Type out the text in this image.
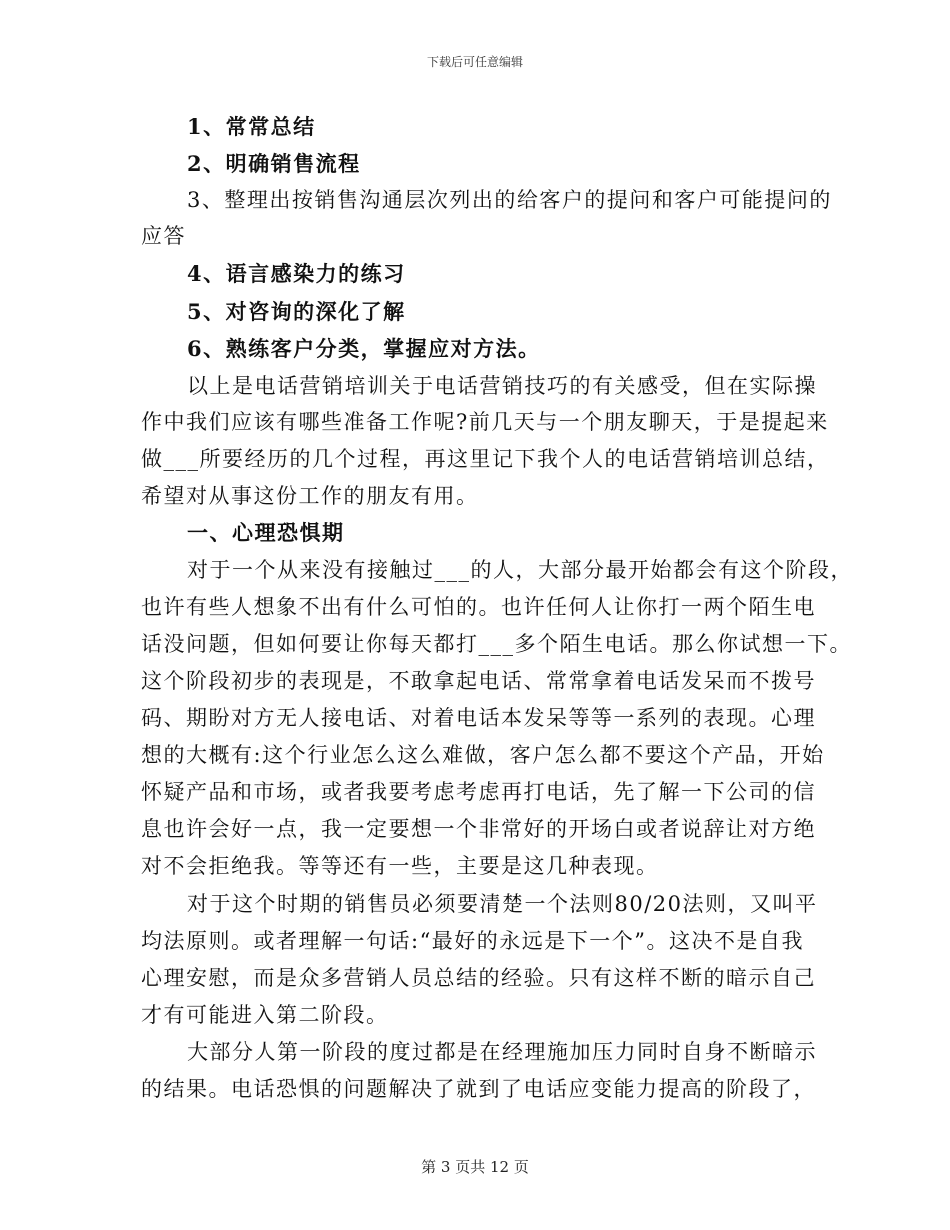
下载后可任意编辑
1、常常总结
2、明确销售流程
3、整理出按销售沟通层次列出的给客户的提问和客户可能提问的
应答
4、语言感染力的练习
5、对咨询的深化了解
6、熟练客户分类，掌握应对方法。
以上是电话营销培训关于电话营销技巧的有关感受，但在实际操
作中我们应该有哪些准备工作呢?前几天与一个朋友聊天，于是提起来
做___所要经历的几个过程，再这里记下我个人的电话营销培训总结，
希望对从事这份工作的朋友有用。
一、心理恐惧期
对于一个从来没有接触过___的人，大部分最开始都会有这个阶段，
也许有些人想象不出有什么可怕的。也许任何人让你打一两个陌生电
话没问题，但如何要让你每天都打___多个陌生电话。那么你试想一下。
这个阶段初步的表现是，不敢拿起电话、常常拿着电话发呆而不拨号
码、期盼对方无人接电话、对着电话本发呆等等一系列的表现。心理
想的大概有:这个行业怎么这么难做，客户怎么都不要这个产品，开始
怀疑产品和市场，或者我要考虑考虑再打电话，先了解一下公司的信
息也许会好一点，我一定要想一个非常好的开场白或者说辞让对方绝
对不会拒绝我。等等还有一些，主要是这几种表现。
对于这个时期的销售员必须要清楚一个法则80/20法则，又叫平
均法原则。或者理解一句话:“最好的永远是下一个”。这决不是自我
心理安慰，而是众多营销人员总结的经验。只有这样不断的暗示自己
才有可能进入第二阶段。
大部分人第一阶段的度过都是在经理施加压力同时自身不断暗示
的结果。电话恐惧的问题解决了就到了电话应变能力提高的阶段了，
第 3 页共 12 页
